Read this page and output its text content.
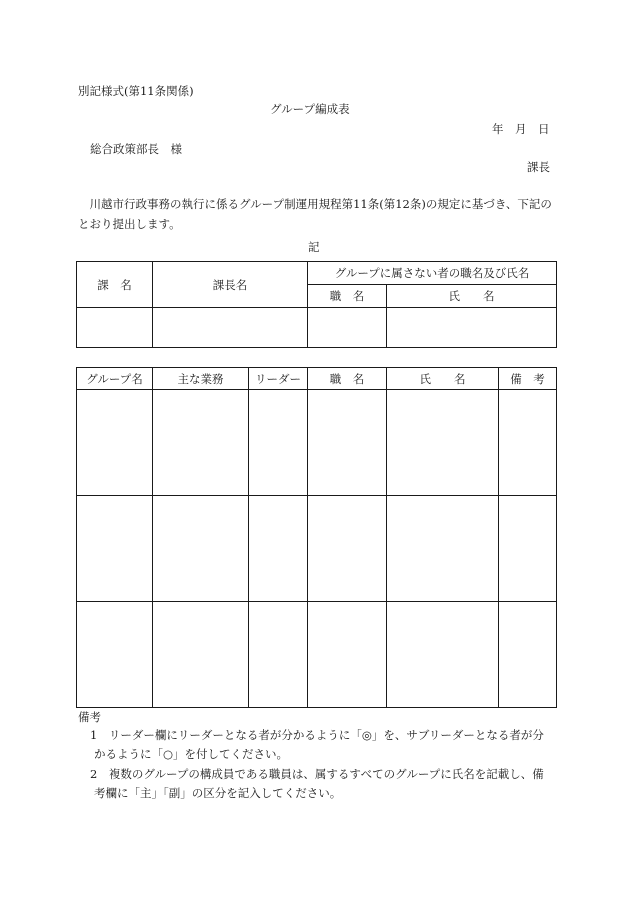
別記様式(第11条関係)
グループ編成表
年　月　日
総合政策部長　様
課長
　川越市行政事務の執行に係るグループ制運用規程第11条(第12条)の規定に基づき、下記のとおり提出します。
記
課　名	課長名	グループに属さない者の職名及び氏名	
		職　名	氏　　名

グループ名	主な業務	リーダー	職　名	氏　　名	備　考

備考
1　リーダー欄にリーダーとなる者が分かるように「◎」を、サブリーダーとなる者が分
かるように「○」を付してください。
2　複数のグループの構成員である職員は、属するすべてのグループに氏名を記載し、備
考欄に「主」「副」の区分を記入してください。
